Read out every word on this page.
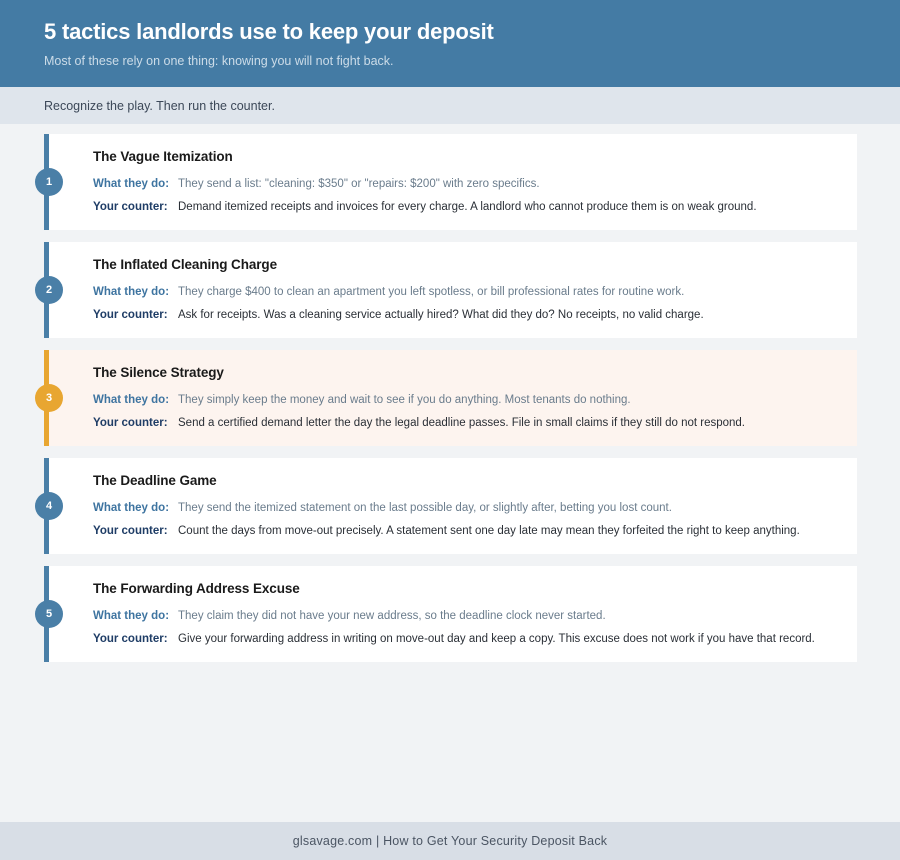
5 tactics landlords use to keep your deposit
Most of these rely on one thing: knowing you will not fight back.
Recognize the play. Then run the counter.
1
The Vague Itemization
What they do: They send a list: "cleaning: $350" or "repairs: $200" with zero specifics.
Your counter: Demand itemized receipts and invoices for every charge. A landlord who cannot produce them is on weak ground.
2
The Inflated Cleaning Charge
What they do: They charge $400 to clean an apartment you left spotless, or bill professional rates for routine work.
Your counter: Ask for receipts. Was a cleaning service actually hired? What did they do? No receipts, no valid charge.
3
The Silence Strategy
What they do: They simply keep the money and wait to see if you do anything. Most tenants do nothing.
Your counter: Send a certified demand letter the day the legal deadline passes. File in small claims if they still do not respond.
4
The Deadline Game
What they do: They send the itemized statement on the last possible day, or slightly after, betting you lost count.
Your counter: Count the days from move-out precisely. A statement sent one day late may mean they forfeited the right to keep anything.
5
The Forwarding Address Excuse
What they do: They claim they did not have your new address, so the deadline clock never started.
Your counter: Give your forwarding address in writing on move-out day and keep a copy. This excuse does not work if you have that record.
glsavage.com | How to Get Your Security Deposit Back
